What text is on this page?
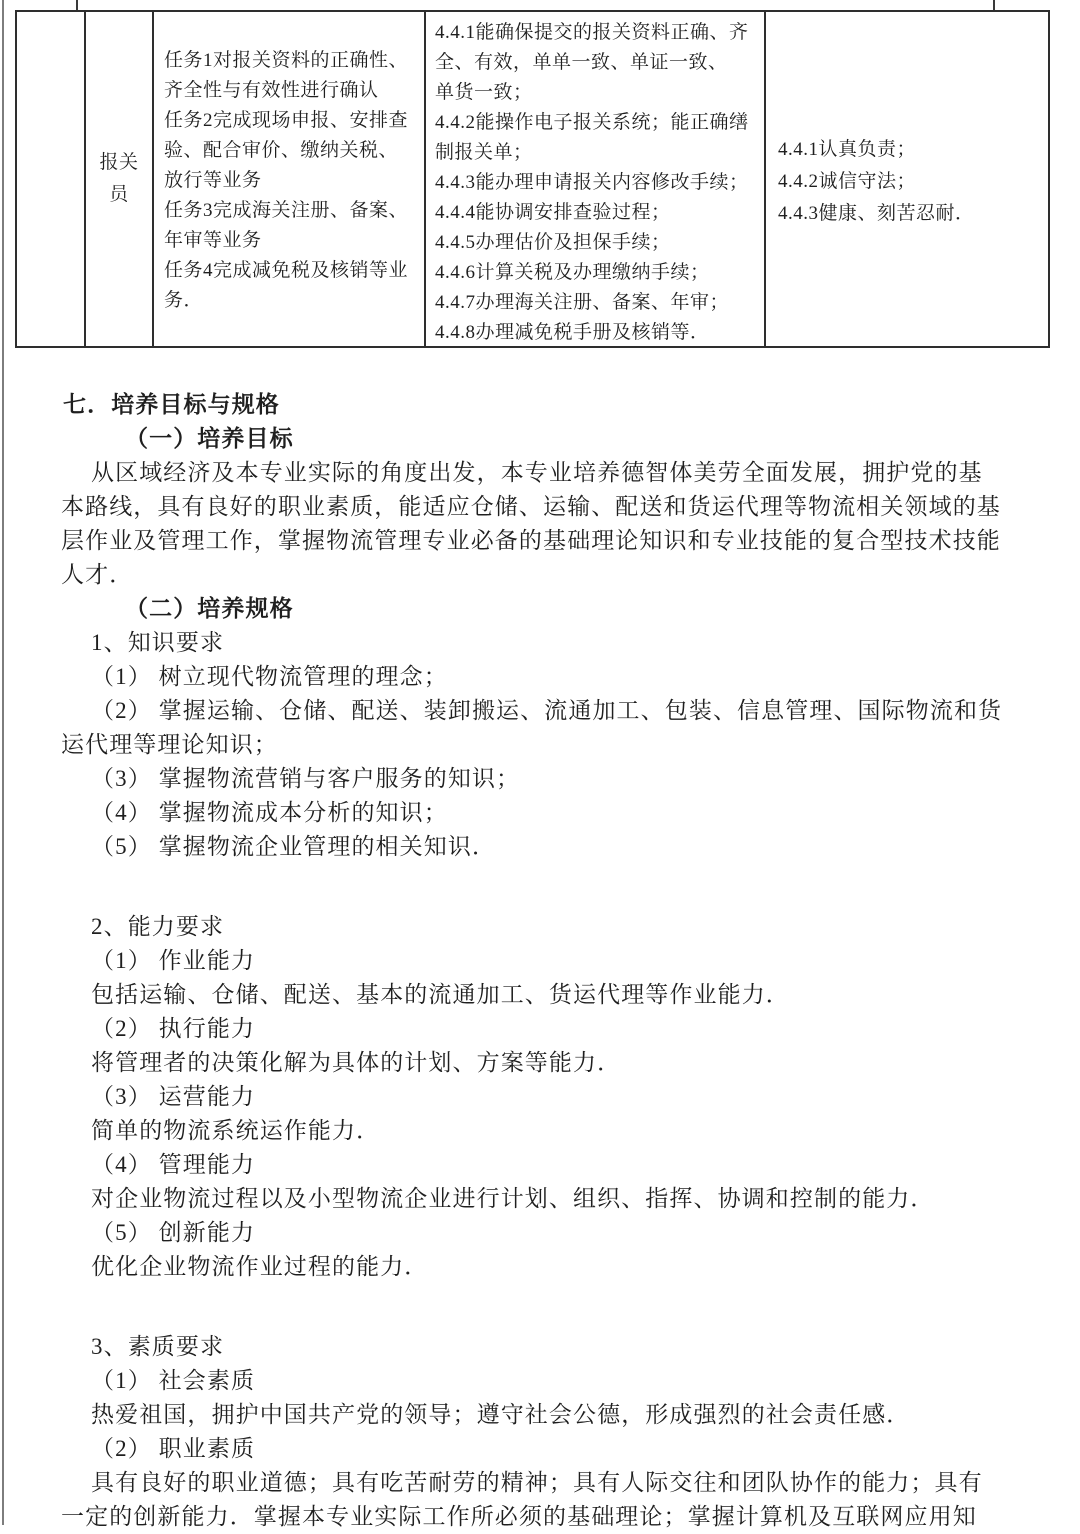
报关
员
任务1对报关资料的正确性、
齐全性与有效性进行确认
任务2完成现场申报、安排查
验、配合审价、缴纳关税、
放行等业务
任务3完成海关注册、备案、
年审等业务
任务4完成减免税及核销等业
务．
4.4.1能确保提交的报关资料正确、齐
全、有效，单单一致、单证一致、
单货一致；
4.4.2能操作电子报关系统；能正确缮
制报关单；
4.4.3能办理申请报关内容修改手续；
4.4.4能协调安排查验过程；
4.4.5办理估价及担保手续；
4.4.6计算关税及办理缴纳手续；
4.4.7办理海关注册、备案、年审；
4.4.8办理减免税手册及核销等．
4.4.1认真负责；
4.4.2诚信守法；
4.4.3健康、刻苦忍耐．
七．培养目标与规格
（一）培养目标
从区域经济及本专业实际的角度出发，本专业培养德智体美劳全面发展，拥护党的基
本路线，具有良好的职业素质，能适应仓储、运输、配送和货运代理等物流相关领域的基
层作业及管理工作，掌握物流管理专业必备的基础理论知识和专业技能的复合型技术技能
人才．
（二）培养规格
1、知识要求
（1） 树立现代物流管理的理念；
（2） 掌握运输、仓储、配送、装卸搬运、流通加工、包装、信息管理、国际物流和货
运代理等理论知识；
（3） 掌握物流营销与客户服务的知识；
（4） 掌握物流成本分析的知识；
（5） 掌握物流企业管理的相关知识．
2、能力要求
（1） 作业能力
包括运输、仓储、配送、基本的流通加工、货运代理等作业能力．
（2） 执行能力
将管理者的决策化解为具体的计划、方案等能力．
（3） 运营能力
简单的物流系统运作能力．
（4） 管理能力
对企业物流过程以及小型物流企业进行计划、组织、指挥、协调和控制的能力．
（5） 创新能力
优化企业物流作业过程的能力．
3、素质要求
（1） 社会素质
热爱祖国，拥护中国共产党的领导；遵守社会公德，形成强烈的社会责任感．
（2） 职业素质
具有良好的职业道德；具有吃苦耐劳的精神；具有人际交往和团队协作的能力；具有
一定的创新能力．掌握本专业实际工作所必须的基础理论；掌握计算机及互联网应用知
